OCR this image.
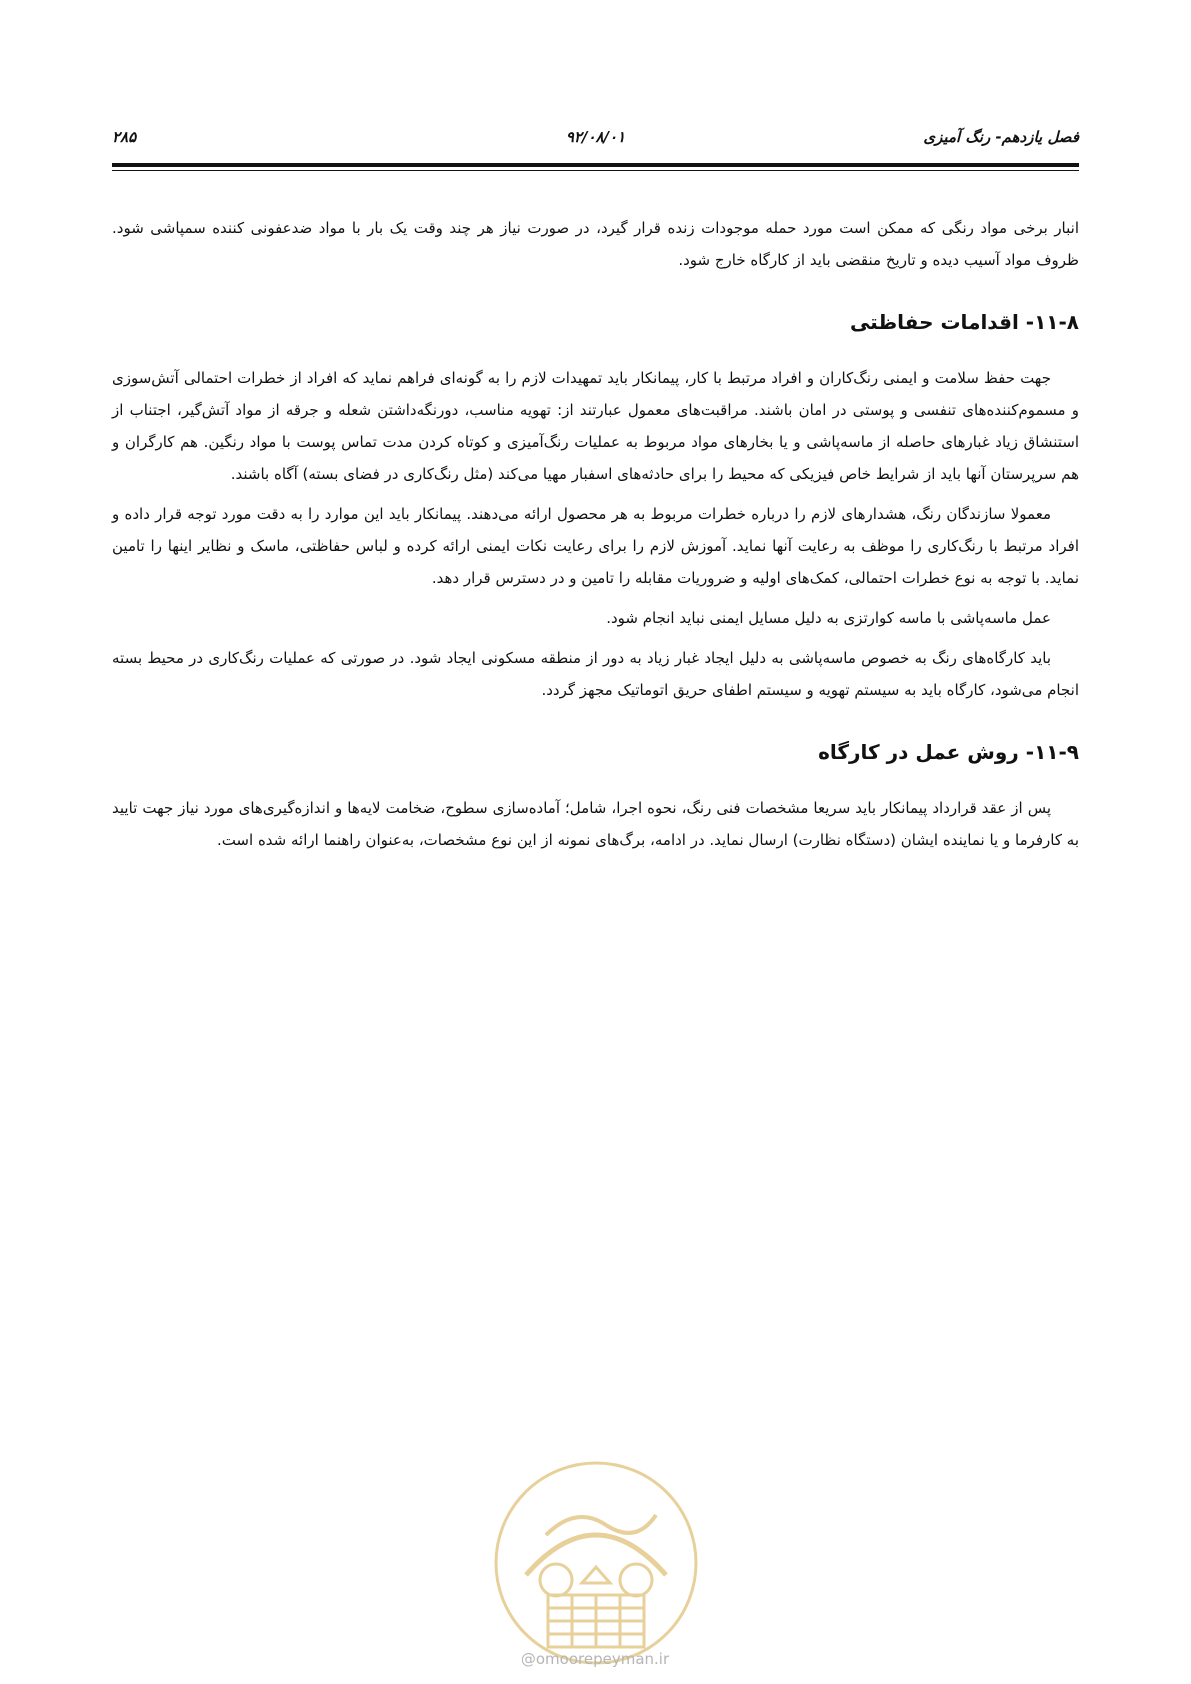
فصل یازدهم- رنگ آمیزی
۹۲/۰۸/۰۱
۲۸۵

انبار برخی مواد رنگی که ممکن است مورد حمله موجودات زنده قرار گیرد، در صورت نیاز هر چند وقت یک بار با مواد ضدعفونی کننده سمپاشی شود. ظروف مواد آسیب دیده و تاریخ منقضی باید از کارگاه خارج شود.

۱۱-۸- اقدامات حفاظتی

جهت حفظ سلامت و ایمنی رنگ‌کاران و افراد مرتبط با کار، پیمانکار باید تمهیدات لازم را به گونه‌ای فراهم نماید که افراد از خطرات احتمالی آتش‌سوزی و مسموم‌کننده‌های تنفسی و پوستی در امان باشند. مراقبت‌های معمول عبارتند از: تهویه مناسب، دورنگه‌داشتن شعله و جرقه از مواد آتش‌گیر، اجتناب از استنشاق زیاد غبارهای حاصله از ماسه‌پاشی و یا بخارهای مواد مربوط به عملیات رنگ‌آمیزی و کوتاه کردن مدت تماس پوست با مواد رنگین. هم کارگران و هم سرپرستان آنها باید از شرایط خاص فیزیکی که محیط را برای حادثه‌های اسفبار مهیا می‌کند (مثل رنگ‌کاری در فضای بسته) آگاه باشند.

معمولا سازندگان رنگ، هشدارهای لازم را درباره خطرات مربوط به هر محصول ارائه می‌دهند. پیمانکار باید این موارد را به دقت مورد توجه قرار داده و افراد مرتبط با رنگ‌کاری را موظف به رعایت آنها نماید. آموزش لازم را برای رعایت نکات ایمنی ارائه کرده و لباس حفاظتی، ماسک و نظایر اینها را تامین نماید. با توجه به نوع خطرات احتمالی، کمک‌های اولیه و ضروریات مقابله را تامین و در دسترس قرار دهد.

عمل ماسه‌پاشی با ماسه کوارتزی به دلیل مسایل ایمنی نباید انجام شود.

باید کارگاه‌های رنگ به خصوص ماسه‌پاشی به دلیل ایجاد غبار زیاد به دور از منطقه مسکونی ایجاد شود. در صورتی که عملیات رنگ‌کاری در محیط بسته انجام می‌شود، کارگاه باید به سیستم تهویه و سیستم اطفای حریق اتوماتیک مجهز گردد.

۱۱-۹- روش عمل در کارگاه

پس از عقد قرارداد پیمانکار باید سریعا مشخصات فنی رنگ، نحوه اجرا، شامل؛ آماده‌سازی سطوح، ضخامت لایه‌ها و اندازه‌گیری‌های مورد نیاز جهت تایید به کارفرما و یا نماینده ایشان (دستگاه نظارت) ارسال نماید. در ادامه، برگ‌های نمونه از این نوع مشخصات، به‌عنوان راهنما ارائه شده است.

@omoorepeyman.ir
